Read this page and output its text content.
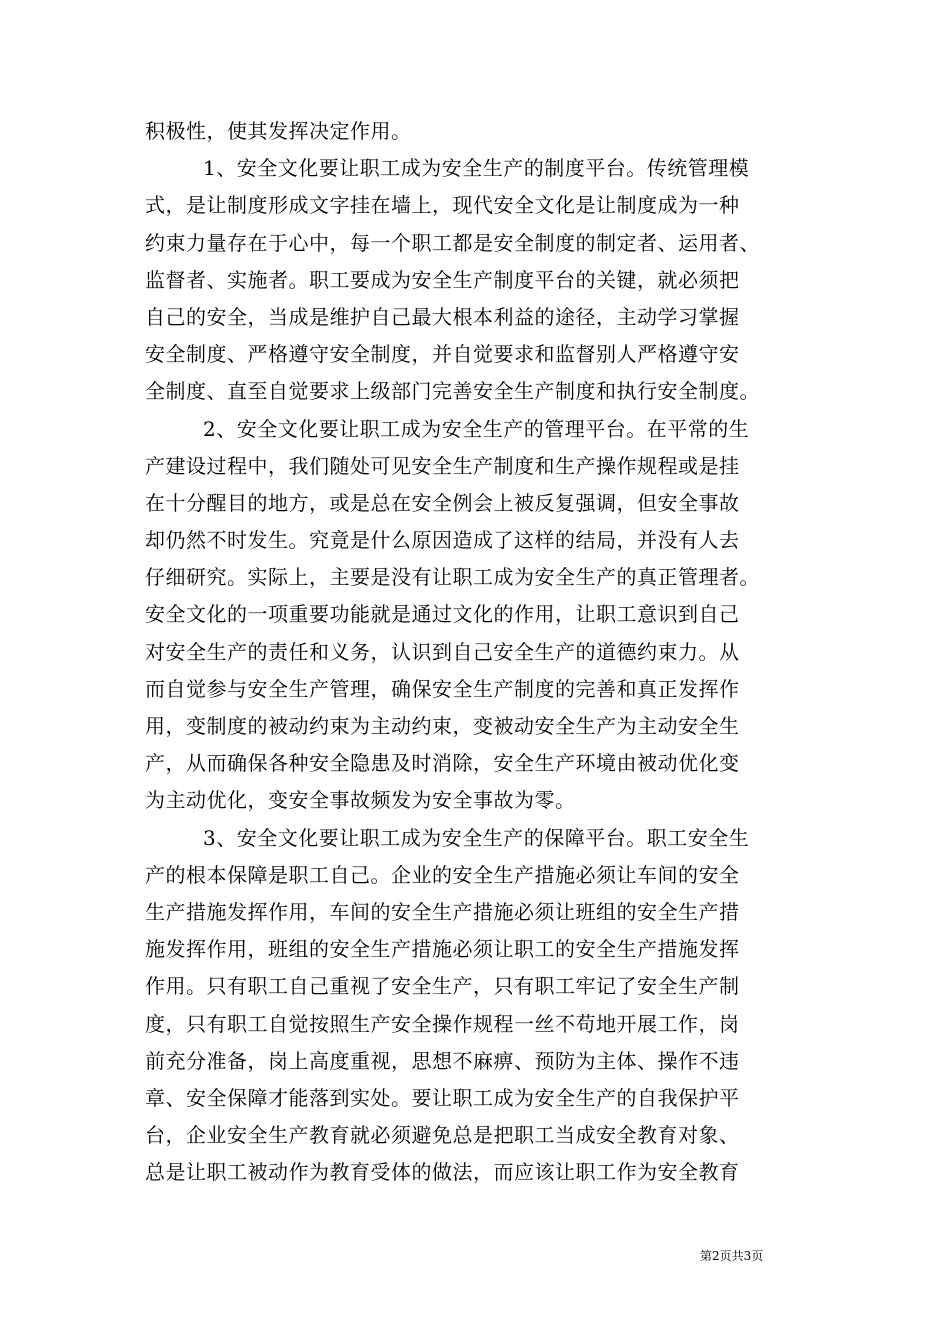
积极性，使其发挥决定作用。
1、安全文化要让职工成为安全生产的制度平台。传统管理模
式，是让制度形成文字挂在墙上，现代安全文化是让制度成为一种
约束力量存在于心中，每一个职工都是安全制度的制定者、运用者、
监督者、实施者。职工要成为安全生产制度平台的关键，就必须把
自己的安全，当成是维护自己最大根本利益的途径，主动学习掌握
安全制度、严格遵守安全制度，并自觉要求和监督别人严格遵守安
全制度、直至自觉要求上级部门完善安全生产制度和执行安全制度。
2、安全文化要让职工成为安全生产的管理平台。在平常的生
产建设过程中，我们随处可见安全生产制度和生产操作规程或是挂
在十分醒目的地方，或是总在安全例会上被反复强调，但安全事故
却仍然不时发生。究竟是什么原因造成了这样的结局，并没有人去
仔细研究。实际上，主要是没有让职工成为安全生产的真正管理者。
安全文化的一项重要功能就是通过文化的作用，让职工意识到自己
对安全生产的责任和义务，认识到自己安全生产的道德约束力。从
而自觉参与安全生产管理，确保安全生产制度的完善和真正发挥作
用，变制度的被动约束为主动约束，变被动安全生产为主动安全生
产，从而确保各种安全隐患及时消除，安全生产环境由被动优化变
为主动优化，变安全事故频发为安全事故为零。
3、安全文化要让职工成为安全生产的保障平台。职工安全生
产的根本保障是职工自己。企业的安全生产措施必须让车间的安全
生产措施发挥作用，车间的安全生产措施必须让班组的安全生产措
施发挥作用，班组的安全生产措施必须让职工的安全生产措施发挥
作用。只有职工自己重视了安全生产，只有职工牢记了安全生产制
度，只有职工自觉按照生产安全操作规程一丝不苟地开展工作，岗
前充分准备，岗上高度重视，思想不麻痹、预防为主体、操作不违
章、安全保障才能落到实处。要让职工成为安全生产的自我保护平
台，企业安全生产教育就必须避免总是把职工当成安全教育对象、
总是让职工被动作为教育受体的做法，而应该让职工作为安全教育
第2页共3页
